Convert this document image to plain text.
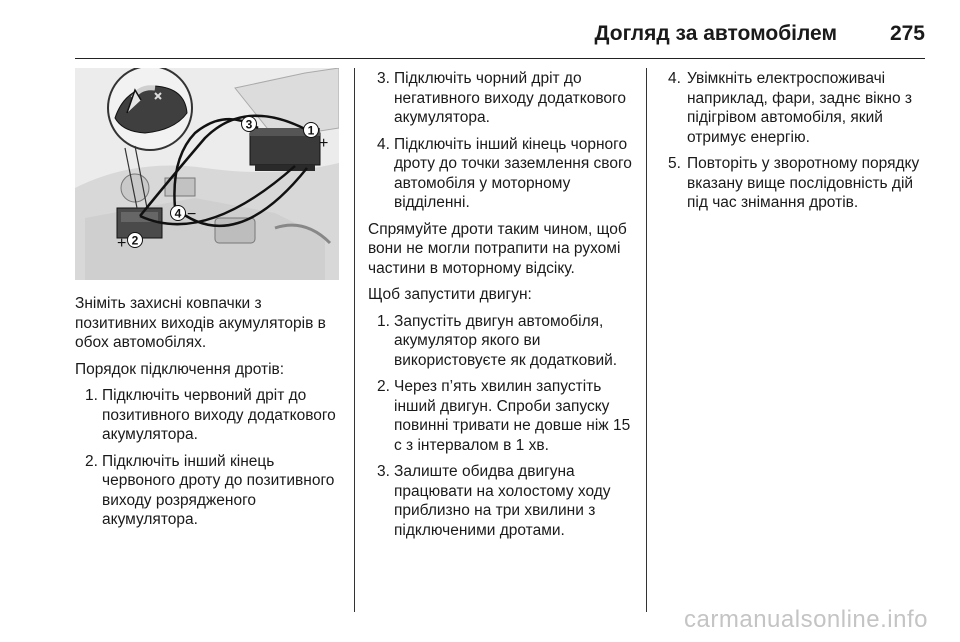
Догляд за автомобілем	275
3	1
4
2
+
−
−
+

Зніміть захисні ковпачки з позитивних виходів акумуляторів в обох автомобілях.

Порядок підключення дротів:

1. Підключіть червоний дріт до позитивного виходу додаткового акумулятора.
2. Підключіть інший кінець червоного дроту до позитивного виходу розрядженого акумулятора.
3. Підключіть чорний дріт до негативного виходу додаткового акумулятора.
4. Підключіть інший кінець чорного дроту до точки заземлення свого автомобіля у моторному відділенні.

Спрямуйте дроти таким чином, щоб вони не могли потрапити на рухомі частини в моторному відсіку.

Щоб запустити двигун:

1. Запустіть двигун автомобіля, акумулятор якого ви використовуєте як додатковий.
2. Через п’ять хвилин запустіть інший двигун. Спроби запуску повинні тривати не довше ніж 15 с з інтервалом в 1 хв.
3. Залиште обидва двигуна працювати на холостому ходу приблизно на три хвилини з підключеними дротами.
4. Увімкніть електроспоживачі наприклад, фари, заднє вікно з підігрівом автомобіля, який отримує енергію.
5. Повторіть у зворотному порядку вказану вище послідовність дій під час знімання дротів.
carmanualsonline.info
